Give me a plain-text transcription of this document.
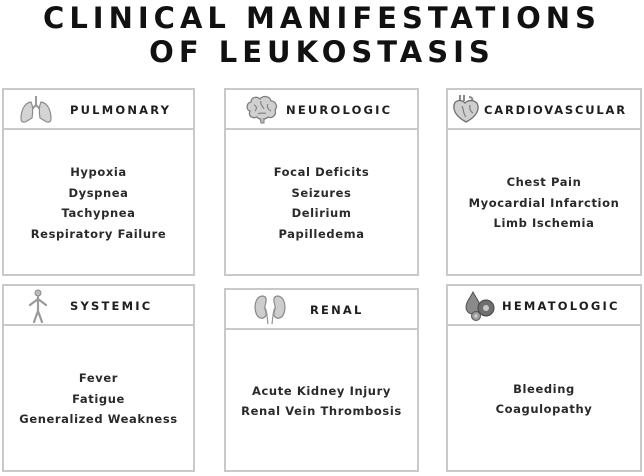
CLINICAL MANIFESTATIONS
OF LEUKOSTASIS
PULMONARY
Hypoxia
Dyspnea
Tachypnea
Respiratory Failure
NEUROLOGIC
Focal Deficits
Seizures
Delirium
Papilledema
CARDIOVASCULAR
Chest Pain
Myocardial Infarction
Limb Ischemia
SYSTEMIC
Fever
Fatigue
Generalized Weakness
RENAL
Acute Kidney Injury
Renal Vein Thrombosis
HEMATOLOGIC
Bleeding
Coagulopathy
